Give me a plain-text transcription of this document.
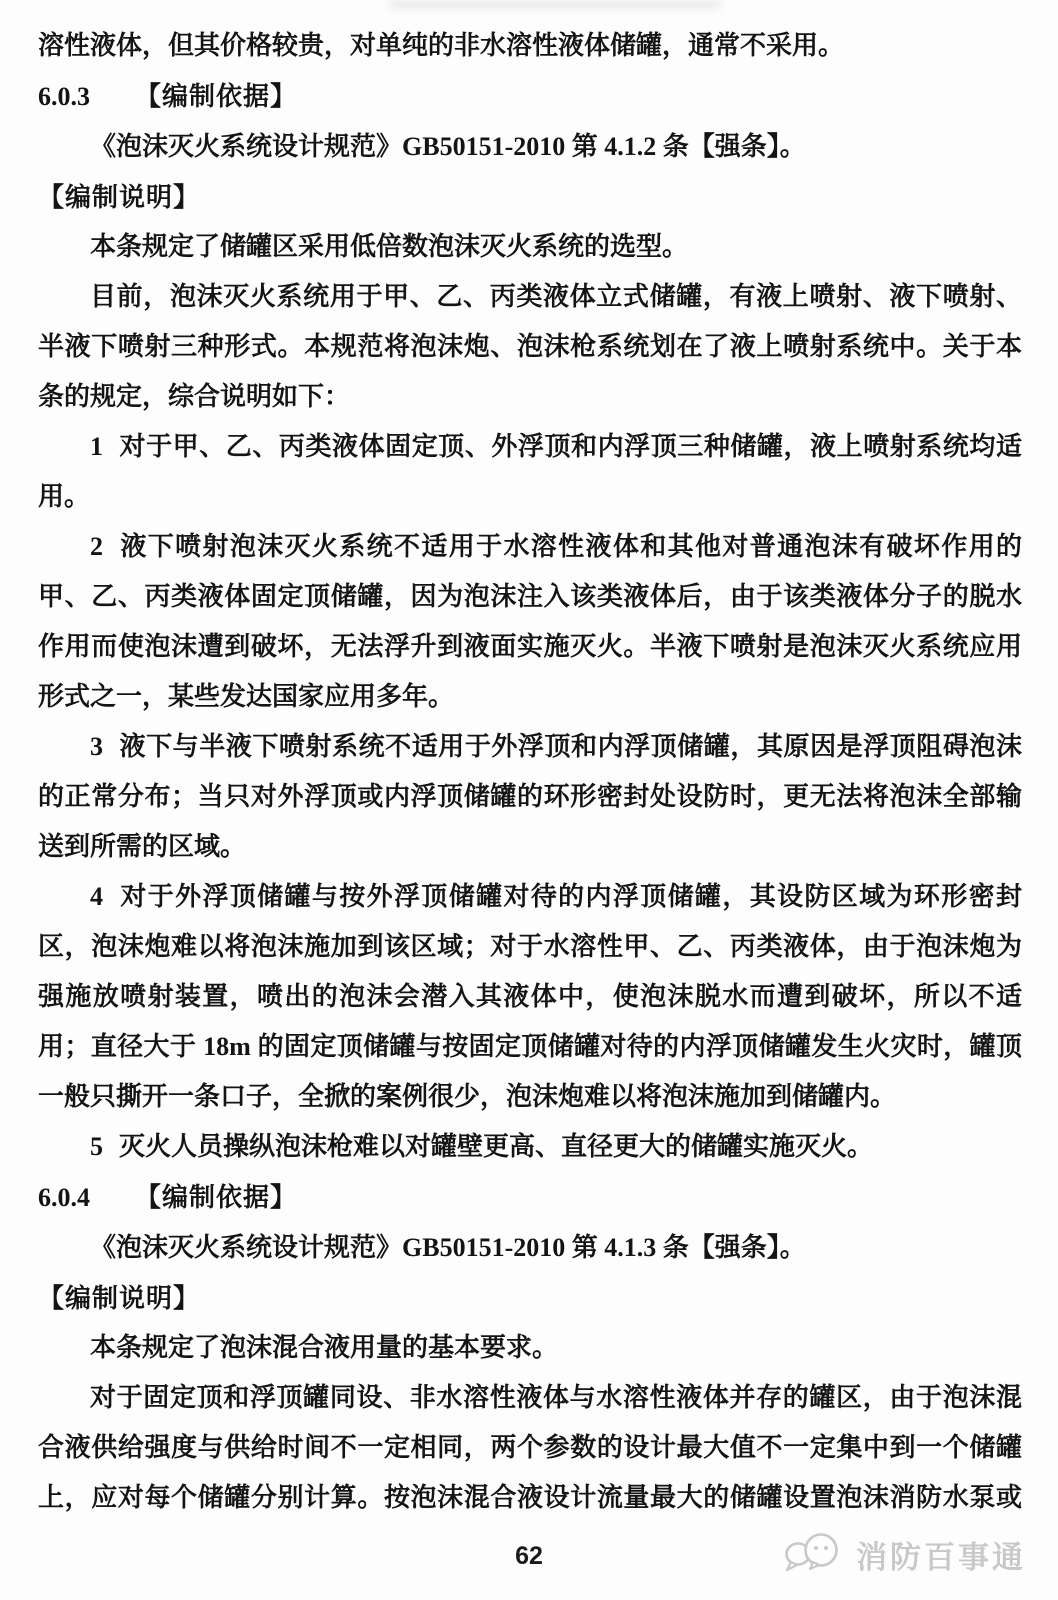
溶性液体，但其价格较贵，对单纯的非水溶性液体储罐，通常不采用。

6.0.3 【编制依据】

《泡沫灭火系统设计规范》GB50151-2010 第 4.1.2 条【强条】。

【编制说明】

本条规定了储罐区采用低倍数泡沫灭火系统的选型。

目前，泡沫灭火系统用于甲、乙、丙类液体立式储罐，有液上喷射、液下喷射、半液下喷射三种形式。本规范将泡沫炮、泡沫枪系统划在了液上喷射系统中。关于本条的规定，综合说明如下：

1 对于甲、乙、丙类液体固定顶、外浮顶和内浮顶三种储罐，液上喷射系统均适用。

2 液下喷射泡沫灭火系统不适用于水溶性液体和其他对普通泡沫有破坏作用的甲、乙、丙类液体固定顶储罐，因为泡沫注入该类液体后，由于该类液体分子的脱水作用而使泡沫遭到破坏，无法浮升到液面实施灭火。半液下喷射是泡沫灭火系统应用形式之一，某些发达国家应用多年。

3 液下与半液下喷射系统不适用于外浮顶和内浮顶储罐，其原因是浮顶阻碍泡沫的正常分布；当只对外浮顶或内浮顶储罐的环形密封处设防时，更无法将泡沫全部输送到所需的区域。

4 对于外浮顶储罐与按外浮顶储罐对待的内浮顶储罐，其设防区域为环形密封区，泡沫炮难以将泡沫施加到该区域；对于水溶性甲、乙、丙类液体，由于泡沫炮为强施放喷射装置，喷出的泡沫会潜入其液体中，使泡沫脱水而遭到破坏，所以不适用；直径大于 18m 的固定顶储罐与按固定顶储罐对待的内浮顶储罐发生火灾时，罐顶一般只撕开一条口子，全掀的案例很少，泡沫炮难以将泡沫施加到储罐内。

5 灭火人员操纵泡沫枪难以对罐壁更高、直径更大的储罐实施灭火。

6.0.4 【编制依据】

《泡沫灭火系统设计规范》GB50151-2010 第 4.1.3 条【强条】。

【编制说明】

本条规定了泡沫混合液用量的基本要求。

对于固定顶和浮顶罐同设、非水溶性液体与水溶性液体并存的罐区，由于泡沫混合液供给强度与供给时间不一定相同，两个参数的设计最大值不一定集中到一个储罐上，应对每个储罐分别计算。按泡沫混合液设计流量最大的储罐设置泡沫消防水泵或

消防百事通
62
